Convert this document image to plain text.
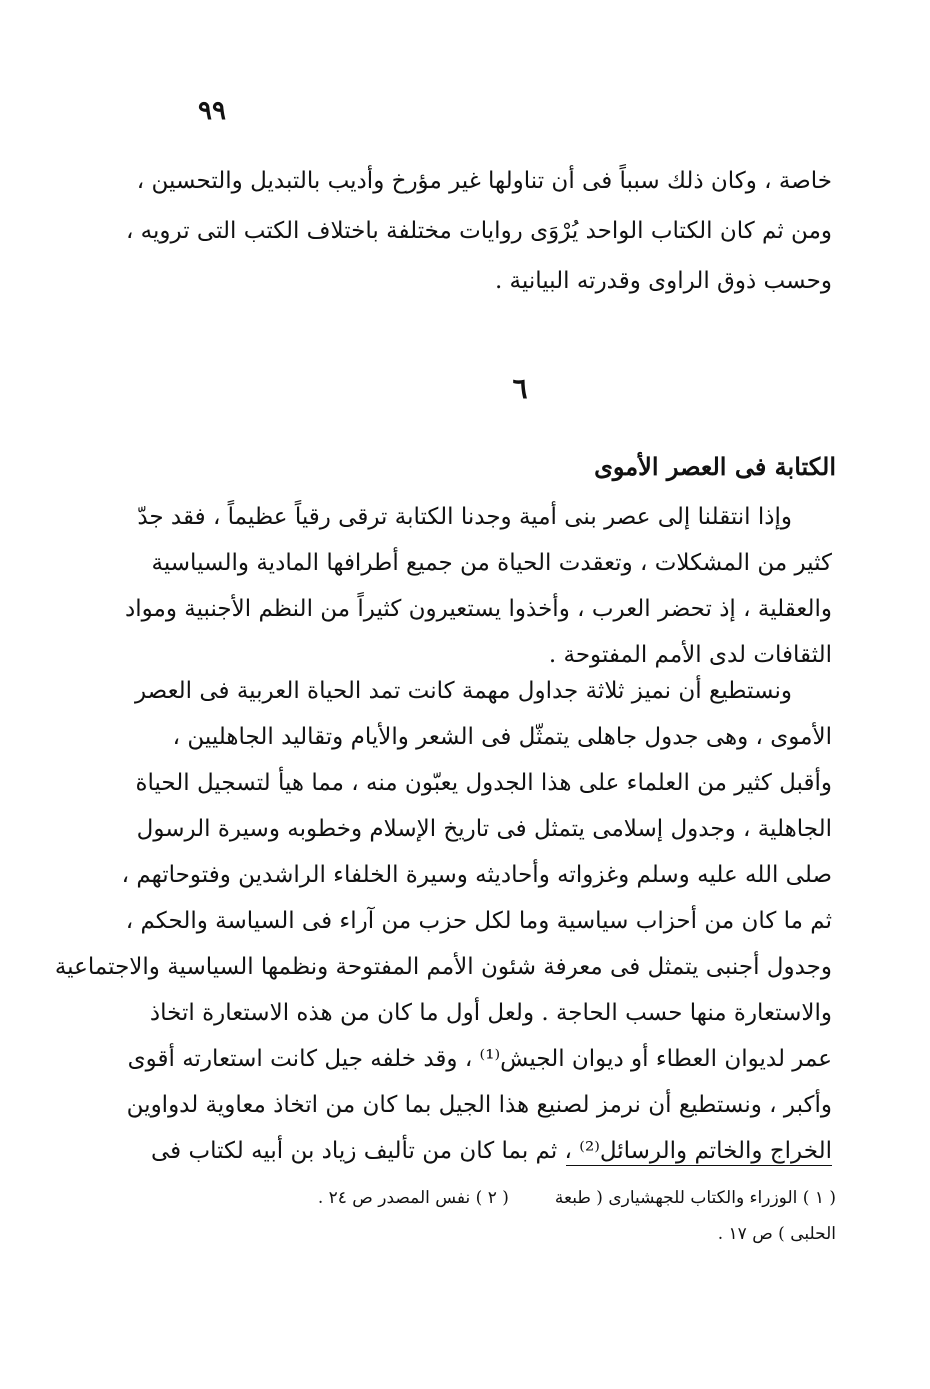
٩٩
خاصة ، وكان ذلك سبباً فى أن تناولها غير مؤرخ وأديب بالتبديل والتحسين ،
ومن ثم كان الكتاب الواحد يُرْوَى روايات مختلفة باختلاف الكتب التى ترويه ،
وحسب ذوق الراوى وقدرته البيانية .
٦
الكتابة فى العصر الأموى
وإذا انتقلنا إلى عصر بنى أمية وجدنا الكتابة ترقى رقياً عظيماً ، فقد جدّ
كثير من المشكلات ، وتعقدت الحياة من جميع أطرافها المادية والسياسية
والعقلية ، إذ تحضر العرب ، وأخذوا يستعيرون كثيراً من النظم الأجنبية ومواد
الثقافات لدى الأمم المفتوحة .
ونستطيع أن نميز ثلاثة جداول مهمة كانت تمد الحياة العربية فى العصر
الأموى ، وهى جدول جاهلى يتمثّل فى الشعر والأيام وتقاليد الجاهليين ،
وأقبل كثير من العلماء على هذا الجدول يعبّون منه ، مما هيأ لتسجيل الحياة
الجاهلية ، وجدول إسلامى يتمثل فى تاريخ الإسلام وخطوبه وسيرة الرسول
صلى الله عليه وسلم وغزواته وأحاديثه وسيرة الخلفاء الراشدين وفتوحاتهم ،
ثم ما كان من أحزاب سياسية وما لكل حزب من آراء فى السياسة والحكم ،
وجدول أجنبى يتمثل فى معرفة شئون الأمم المفتوحة ونظمها السياسية والاجتماعية
والاستعارة منها حسب الحاجة . ولعل أول ما كان من هذه الاستعارة اتخاذ
عمر لديوان العطاء أو ديوان الجيش⁽¹⁾ ، وقد خلفه جيل كانت استعارته أقوى
وأكبر ، ونستطيع أن نرمز لصنيع هذا الجيل بما كان من اتخاذ معاوية لدواوين
الخراج والخاتم والرسائل⁽²⁾ ، ثم بما كان من تأليف زياد بن أبيه لكتاب فى
( ١ ) الوزراء والكتاب للجهشيارى ( طبعة( ٢ ) نفس المصدر ص ٢٤ .
الحلبى ) ص ١٧ .
